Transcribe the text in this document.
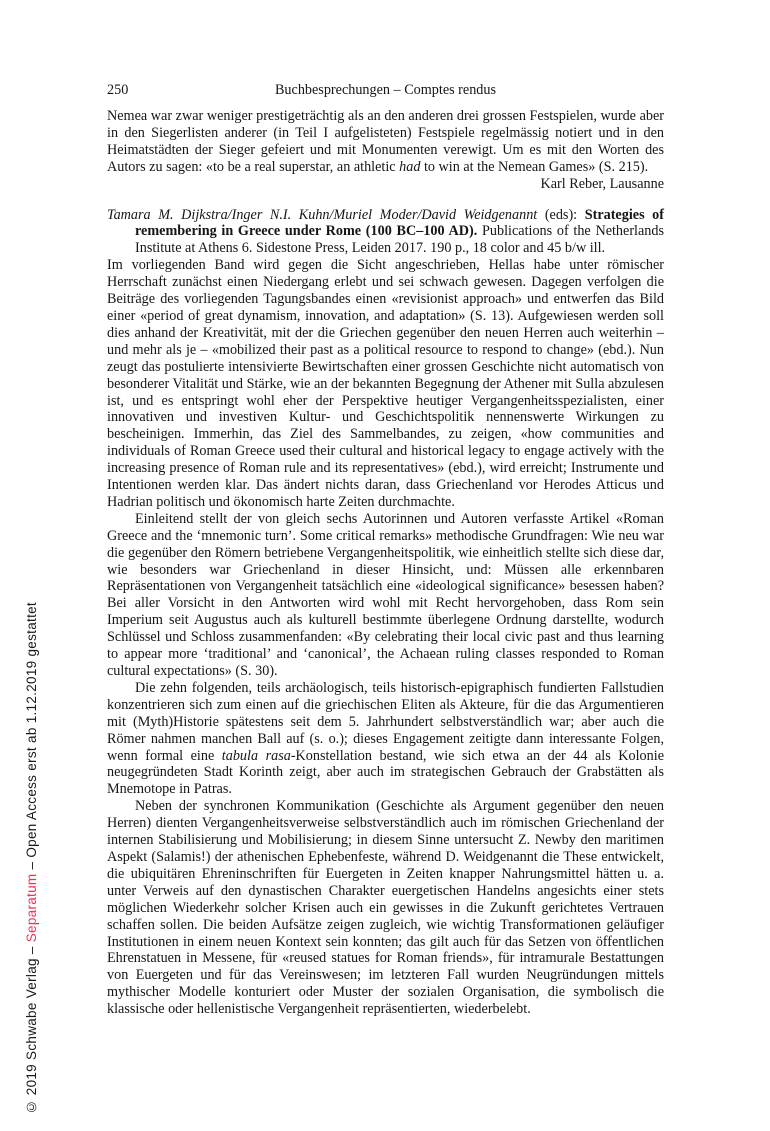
© 2019 Schwabe Verlag – Separatum – Open Access erst ab 1.12.2019 gestattet
250	Buchbesprechungen – Comptes rendus

Nemea war zwar weniger prestigeträchtig als an den anderen drei grossen Festspielen, wurde aber in den Siegerlisten anderer (in Teil I aufgelisteten) Festspiele regelmässig notiert und in den Heimatstädten der Sieger gefeiert und mit Monumenten verewigt. Um es mit den Worten des Autors zu sagen: «to be a real superstar, an athletic had to win at the Nemean Games» (S. 215).

Karl Reber, Lausanne

Tamara M. Dijkstra/Inger N.I. Kuhn/Muriel Moder/David Weidgenannt (eds): Strategies of remembering in Greece under Rome (100 BC–100 AD). Publications of the Netherlands Institute at Athens 6. Sidestone Press, Leiden 2017. 190 p., 18 color and 45 b/w ill.

Im vorliegenden Band wird gegen die Sicht angeschrieben, Hellas habe unter römischer Herrschaft zunächst einen Niedergang erlebt und sei schwach gewesen. Dagegen verfolgen die Beiträge des vorliegenden Tagungsbandes einen «revisionist approach» und entwerfen das Bild einer «period of great dynamism, innovation, and adaptation» (S. 13). Aufgewiesen werden soll dies anhand der Kreativität, mit der die Griechen gegenüber den neuen Herren auch weiterhin – und mehr als je – «mobilized their past as a political resource to respond to change» (ebd.). Nun zeugt das postulierte intensivierte Bewirtschaften einer grossen Geschichte nicht automatisch von besonderer Vitalität und Stärke, wie an der bekannten Begegnung der Athener mit Sulla abzulesen ist, und es entspringt wohl eher der Perspektive heutiger Vergangenheitsspezialisten, einer innovativen und investiven Kultur- und Geschichtspolitik nennenswerte Wirkungen zu bescheinigen. Immerhin, das Ziel des Sammelbandes, zu zeigen, «how communities and individuals of Roman Greece used their cultural and historical legacy to engage actively with the increasing presence of Roman rule and its representatives» (ebd.), wird erreicht; Instrumente und Intentionen werden klar. Das ändert nichts daran, dass Griechenland vor Herodes Atticus und Hadrian politisch und ökonomisch harte Zeiten durchmachte.

Einleitend stellt der von gleich sechs Autorinnen und Autoren verfasste Artikel «Roman Greece and the ‘mnemonic turn’. Some critical remarks» methodische Grundfragen: Wie neu war die gegenüber den Römern betriebene Vergangenheitspolitik, wie einheitlich stellte sich diese dar, wie besonders war Griechenland in dieser Hinsicht, und: Müssen alle erkennbaren Repräsentationen von Vergangenheit tatsächlich eine «ideological significance» besessen haben? Bei aller Vorsicht in den Antworten wird wohl mit Recht hervorgehoben, dass Rom sein Imperium seit Augustus auch als kulturell bestimmte überlegene Ordnung darstellte, wodurch Schlüssel und Schloss zusammenfanden: «By celebrating their local civic past and thus learning to appear more ‘traditional’ and ‘canonical’, the Achaean ruling classes responded to Roman cultural expectations» (S. 30).

Die zehn folgenden, teils archäologisch, teils historisch-epigraphisch fundierten Fallstudien konzentrieren sich zum einen auf die griechischen Eliten als Akteure, für die das Argumentieren mit (Myth)Historie spätestens seit dem 5. Jahrhundert selbstverständlich war; aber auch die Römer nahmen manchen Ball auf (s. o.); dieses Engagement zeitigte dann interessante Folgen, wenn formal eine tabula rasa-Konstellation bestand, wie sich etwa an der 44 als Kolonie neugegründeten Stadt Korinth zeigt, aber auch im strategischen Gebrauch der Grabstätten als Mnemotope in Patras.

Neben der synchronen Kommunikation (Geschichte als Argument gegenüber den neuen Herren) dienten Vergangenheitsverweise selbstverständlich auch im römischen Griechenland der internen Stabilisierung und Mobilisierung; in diesem Sinne untersucht Z. Newby den maritimen Aspekt (Salamis!) der athenischen Ephebenfeste, während D. Weidgenannt die These entwickelt, die ubiquitären Ehreninschriften für Euergeten in Zeiten knapper Nahrungsmittel hätten u. a. unter Verweis auf den dynastischen Charakter euergetischen Handelns angesichts einer stets möglichen Wiederkehr solcher Krisen auch ein gewisses in die Zukunft gerichtetes Vertrauen schaffen sollen. Die beiden Aufsätze zeigen zugleich, wie wichtig Transformationen geläufiger Institutionen in einem neuen Kontext sein konnten; das gilt auch für das Setzen von öffentlichen Ehrenstatuen in Messene, für «reused statues for Roman friends», für intramurale Bestattungen von Euergeten und für das Vereinswesen; im letzteren Fall wurden Neugründungen mittels mythischer Modelle konturiert oder Muster der sozialen Organisation, die symbolisch die klassische oder hellenistische Vergangenheit repräsentierten, wiederbelebt.
